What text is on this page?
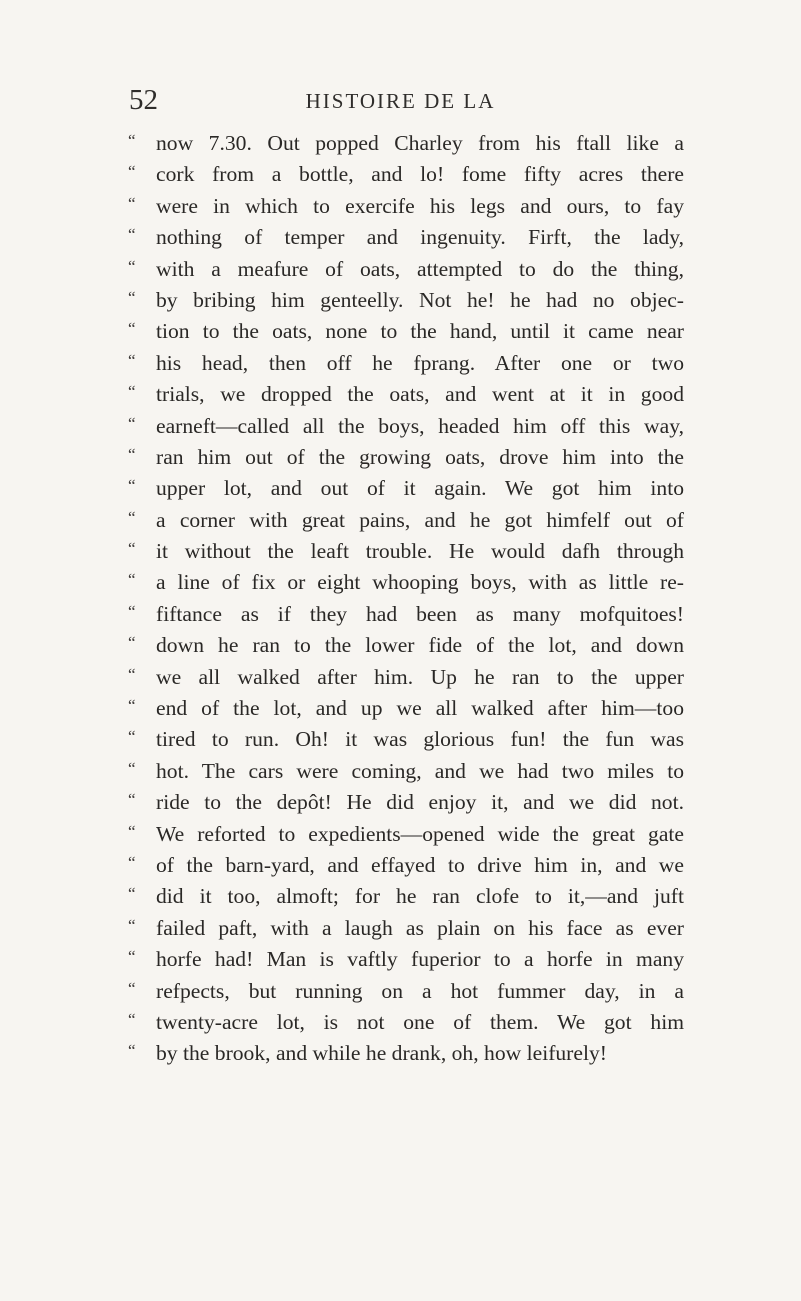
52	HISTOIRE DE LA
“ now 7.30. Out popped Charley from his ftall like a
“ cork from a bottle, and lo! fome fifty acres there
“ were in which to exercife his legs and ours, to fay
“ nothing of temper and ingenuity. Firft, the lady,
“ with a meafure of oats, attempted to do the thing,
“ by bribing him genteelly. Not he! he had no objec-
“ tion to the oats, none to the hand, until it came near
“ his head, then off he fprang. After one or two
“ trials, we dropped the oats, and went at it in good
“ earneft—called all the boys, headed him off this way,
“ ran him out of the growing oats, drove him into the
“ upper lot, and out of it again. We got him into
“ a corner with great pains, and he got himfelf out of
“ it without the leaft trouble. He would dafh through
“ a line of fix or eight whooping boys, with as little re-
“ fiftance as if they had been as many mofquitoes!
“ down he ran to the lower fide of the lot, and down
“ we all walked after him. Up he ran to the upper
“ end of the lot, and up we all walked after him—too
“ tired to run. Oh! it was glorious fun! the fun was
“ hot. The cars were coming, and we had two miles to
“ ride to the depôt! He did enjoy it, and we did not.
“ We reforted to expedients—opened wide the great gate
“ of the barn-yard, and effayed to drive him in, and we
“ did it too, almoft; for he ran clofe to it,—and juft
“ failed paft, with a laugh as plain on his face as ever
“ horfe had! Man is vaftly fuperior to a horfe in many
“ refpects, but running on a hot fummer day, in a
“ twenty-acre lot, is not one of them. We got him
“ by the brook, and while he drank, oh, how leifurely!
